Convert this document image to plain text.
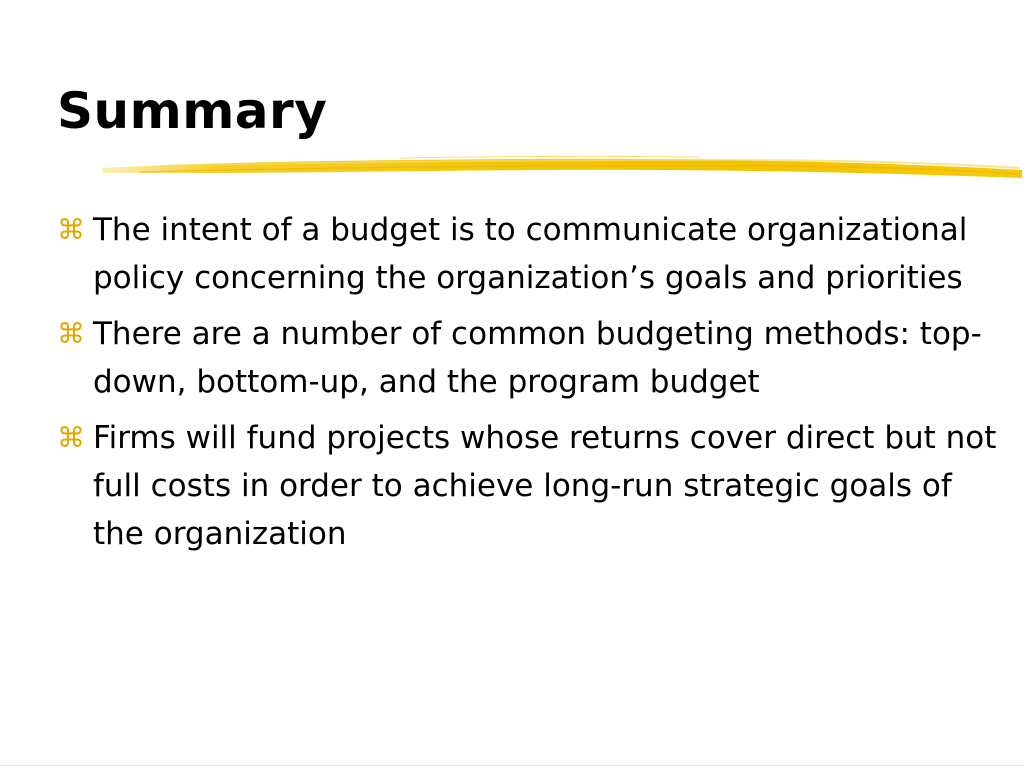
Summary
⌘ The intent of a budget is to communicate organizational policy concerning the organization’s goals and priorities
⌘ There are a number of common budgeting methods: top-down, bottom-up, and the program budget
⌘ Firms will fund projects whose returns cover direct but not full costs in order to achieve long-run strategic goals of the organization
